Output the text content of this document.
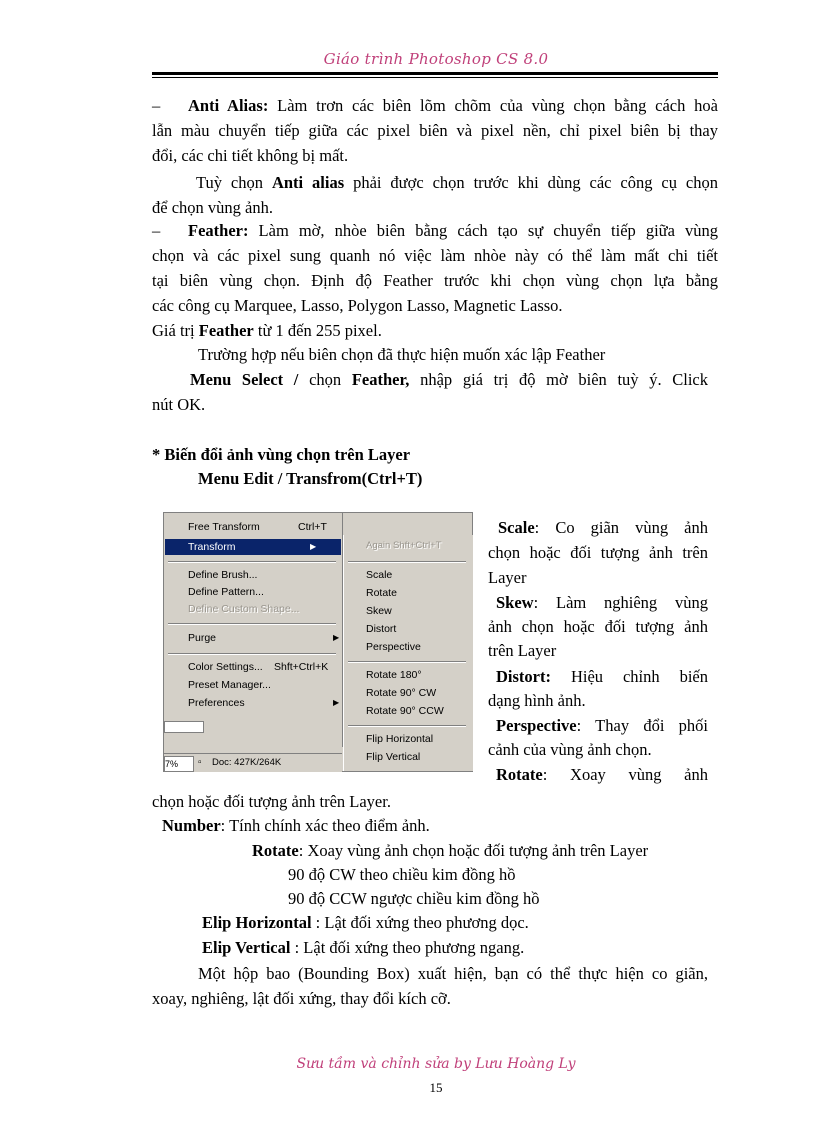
Giáo trình Photoshop CS 8.0
– Anti Alias: Làm trơn các biên lõm chõm của vùng chọn bằng cách hoà
lẫn màu chuyển tiếp giữa các pixel biên và pixel nền, chỉ pixel biên bị thay
đổi, các chi tiết không bị mất.
Tuỳ chọn Anti alias phải được chọn trước khi dùng các công cụ chọn
để chọn vùng ảnh.
– Feather: Làm mờ, nhòe biên bằng cách tạo sự chuyển tiếp giữa vùng
chọn và các pixel sung quanh nó việc làm nhòe này có thể làm mất chi tiết
tại biên vùng chọn. Định độ Feather trước khi chọn vùng chọn lựa bằng
các công cụ Marquee, Lasso, Polygon Lasso, Magnetic Lasso.
Giá trị Feather từ 1 đến 255 pixel.
Trường hợp nếu biên chọn đã thực hiện muốn xác lập Feather
Menu Select / chọn Feather, nhập giá trị độ mờ biên tuỳ ý. Click
nút OK.
* Biến đổi ảnh vùng chọn trên Layer
Menu Edit / Transfrom(Ctrl+T)
Free Transform	Ctrl+T
Transform	▶
Define Brush...
Define Pattern...
Define Custom Shape...
Purge	▶
Color Settings... Shft+Ctrl+K
Preset Manager...
Preferences	▶
Again Shft+Ctrl+T
Scale
Rotate
Skew
Distort
Perspective
Rotate 180°
Rotate 90° CW
Rotate 90° CCW
Flip Horizontal
Flip Vertical
7%	▫ Doc: 427K/264K
Scale: Co giãn vùng ảnh
chọn hoặc đối tượng ảnh trên
Layer
Skew: Làm nghiêng vùng
ảnh chọn hoặc đối tượng ảnh
trên Layer
Distort: Hiệu chỉnh biến
dạng hình ảnh.
Perspective: Thay đổi phối
cảnh của vùng ảnh chọn.
Rotate: Xoay vùng ảnh
chọn hoặc đối tượng ảnh trên Layer.
Number: Tính chính xác theo điểm ảnh.
Rotate: Xoay vùng ảnh chọn hoặc đối tượng ảnh trên Layer
90 độ CW theo chiều kim đồng hồ
90 độ CCW ngược chiều kim đồng hồ
Elip Horizontal : Lật đối xứng theo phương dọc.
Elip Vertical : Lật đối xứng theo phương ngang.
Một hộp bao (Bounding Box) xuất hiện, bạn có thể thực hiện co giãn,
xoay, nghiêng, lật đối xứng, thay đổi kích cỡ.
Sưu tầm và chỉnh sửa by Lưu Hoàng Ly
15
